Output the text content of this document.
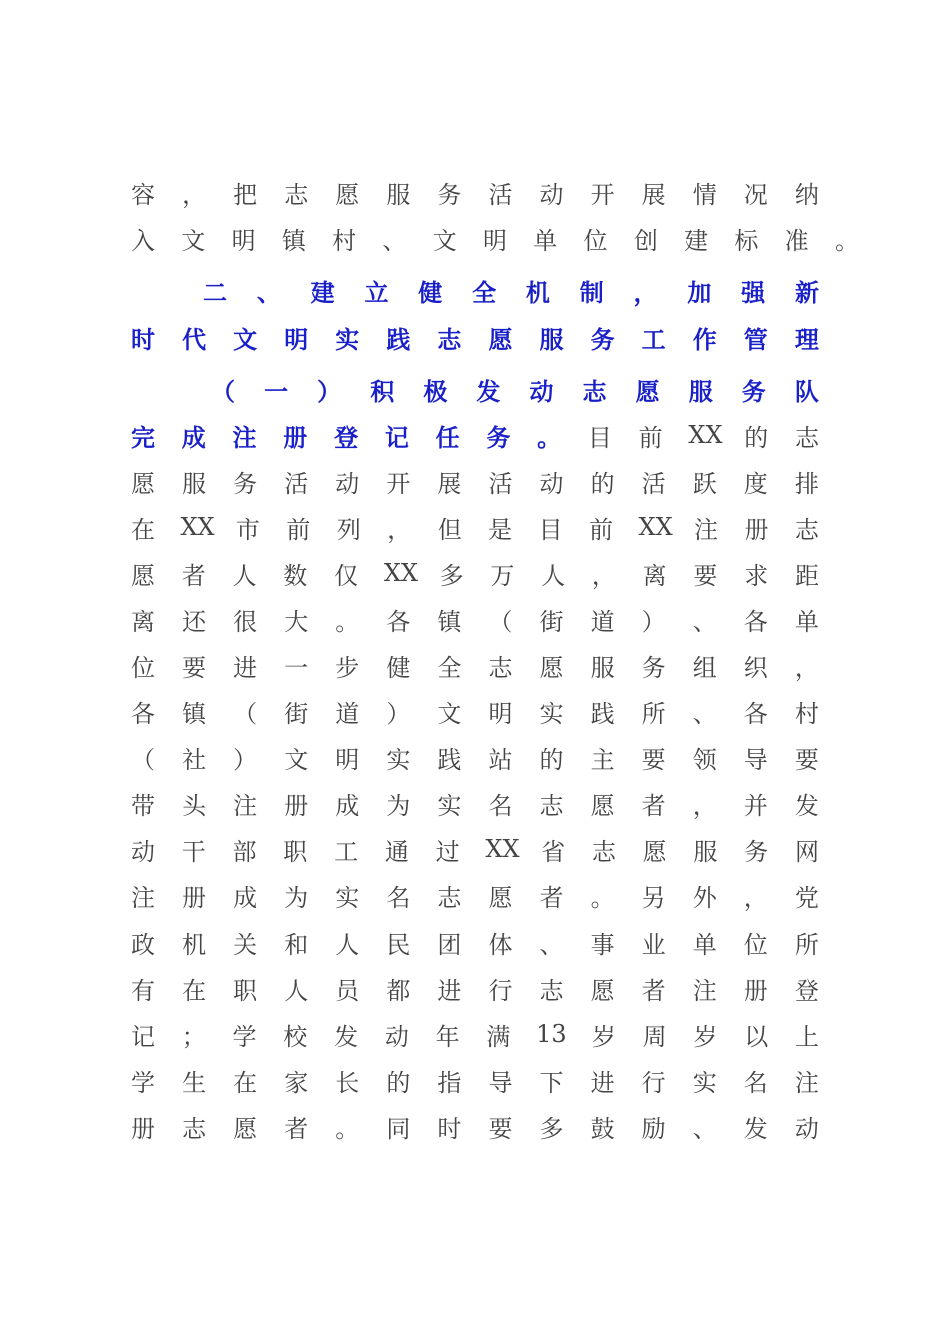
容 ， 把 志 愿 服 务 活 动 开 展 情 况 纳
入 文 明 镇 村 、 文 明 单 位 创 建 标 准 。
二 、 建 立 健 全 机 制 ， 加 强 新
时 代 文 明 实 践 志 愿 服 务 工 作 管 理
（ 一 ） 积 极 发 动 志 愿 服 务 队
完 成 注 册 登 记 任 务 。 目 前 XX 的 志
愿 服 务 活 动 开 展 活 动 的 活 跃 度 排
在 XX 市 前 列 ， 但 是 目 前 XX 注 册 志
愿 者 人 数 仅 XX 多 万 人 ， 离 要 求 距
离 还 很 大 。 各 镇 （ 街 道 ） 、 各 单
位 要 进 一 步 健 全 志 愿 服 务 组 织 ，
各 镇 （ 街 道 ） 文 明 实 践 所 、 各 村
（ 社 ） 文 明 实 践 站 的 主 要 领 导 要
带 头 注 册 成 为 实 名 志 愿 者 ， 并 发
动 干 部 职 工 通 过 XX 省 志 愿 服 务 网
注 册 成 为 实 名 志 愿 者 。 另 外 ， 党
政 机 关 和 人 民 团 体 、 事 业 单 位 所
有 在 职 人 员 都 进 行 志 愿 者 注 册 登
记 ； 学 校 发 动 年 满 13 岁 周 岁 以 上
学 生 在 家 长 的 指 导 下 进 行 实 名 注
册 志 愿 者 。 同 时 要 多 鼓 励 、 发 动
